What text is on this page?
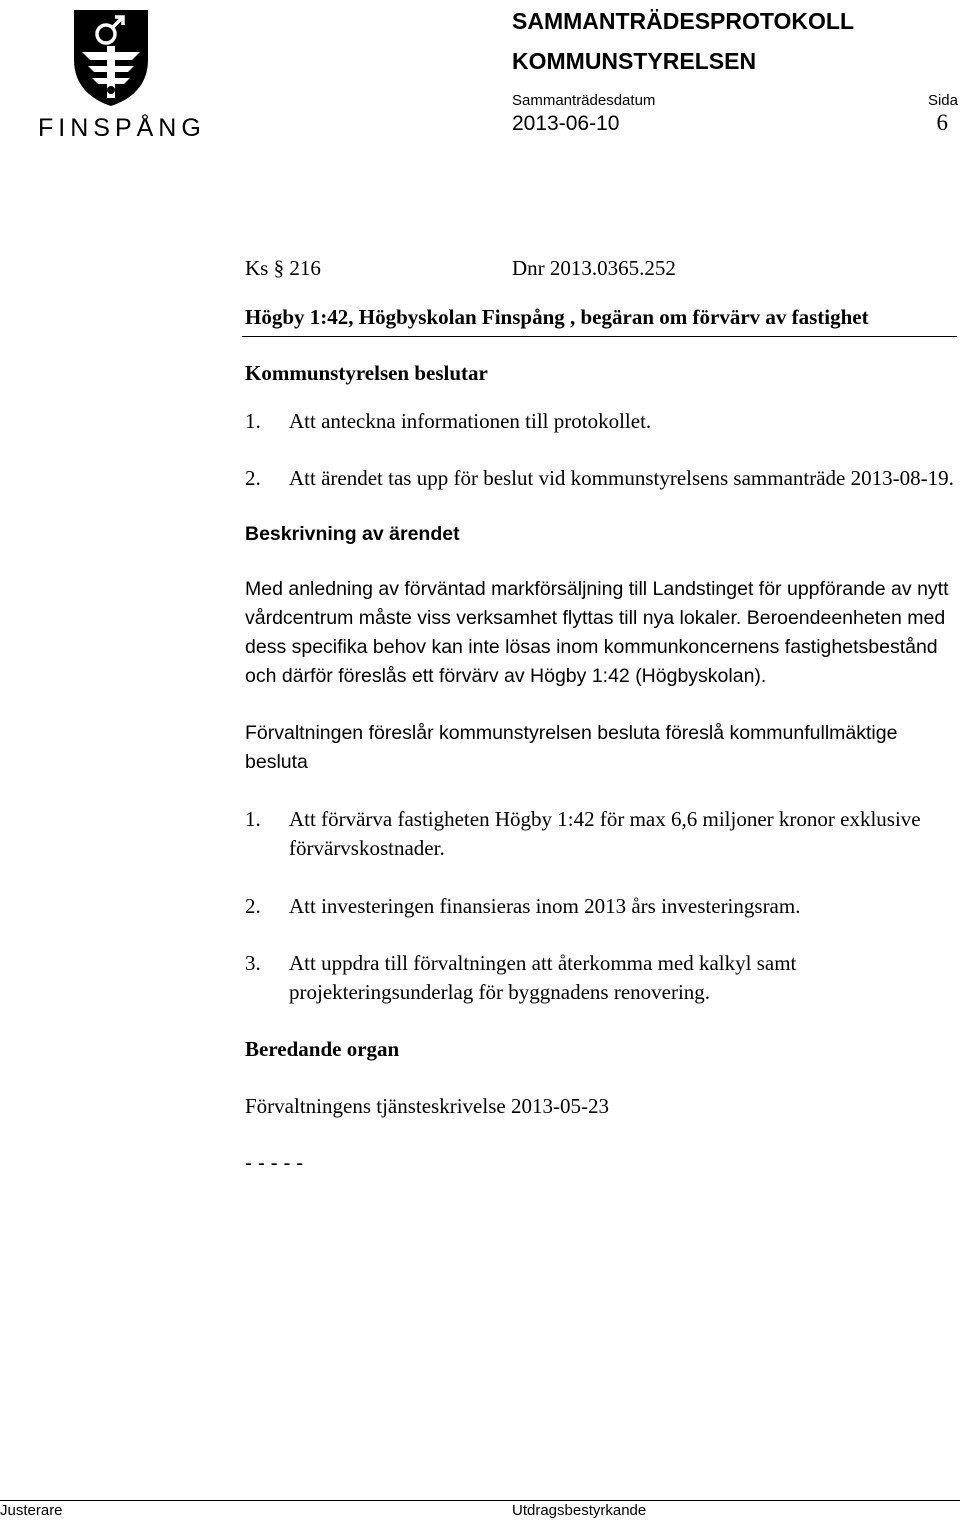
FINSPÅNG
SAMMANTRÄDESPROTOKOLL
KOMMUNSTYRELSEN
Sammanträdesdatum	Sida
2013-06-10	6
Ks § 216	Dnr 2013.0365.252
Högby 1:42, Högbyskolan Finspång , begäran om förvärv av fastighet
Kommunstyrelsen beslutar
1.	Att anteckna informationen till protokollet.
2.	Att ärendet tas upp för beslut vid kommunstyrelsens sammanträde 2013-08-19.
Beskrivning av ärendet

Med anledning av förväntad markförsäljning till Landstinget för uppförande av nytt vårdcentrum måste viss verksamhet flyttas till nya lokaler. Beroendeenheten med dess specifika behov kan inte lösas inom kommunkoncernens fastighetsbestånd och därför föreslås ett förvärv av Högby 1:42 (Högbyskolan).

Förvaltningen föreslår kommunstyrelsen besluta föreslå kommunfullmäktige besluta

1.	Att förvärva fastigheten Högby 1:42 för max 6,6 miljoner kronor exklusive förvärvskostnader.
2.	Att investeringen finansieras inom 2013 års investeringsram.
3.	Att uppdra till förvaltningen att återkomma med kalkyl samt projekteringsunderlag för byggnadens renovering.
Beredande organ

Förvaltningens tjänsteskrivelse 2013-05-23

- - - - -
Justerare	Utdragsbestyrkande
